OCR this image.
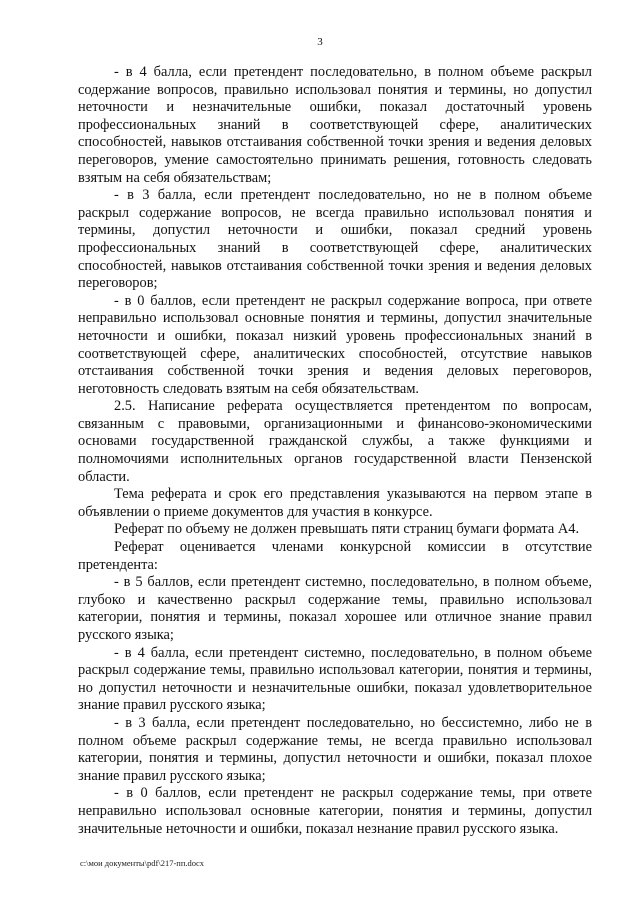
3

- в 4 балла, если претендент последовательно, в полном объеме раскрыл содержание вопросов, правильно использовал понятия и термины, но допустил неточности и незначительные ошибки, показал достаточный уровень профессиональных знаний в соответствующей сфере, аналитических способностей, навыков отстаивания собственной точки зрения и ведения деловых переговоров, умение самостоятельно принимать решения, готовность следовать взятым на себя обязательствам;

- в 3 балла, если претендент последовательно, но не в полном объеме раскрыл содержание вопросов, не всегда правильно использовал понятия и термины, допустил неточности и ошибки, показал средний уровень профессиональных знаний в соответствующей сфере, аналитических способностей, навыков отстаивания собственной точки зрения и ведения деловых переговоров;

- в 0 баллов, если претендент не раскрыл содержание вопроса, при ответе неправильно использовал основные понятия и термины, допустил значительные неточности и ошибки, показал низкий уровень профессиональных знаний в соответствующей сфере, аналитических способностей, отсутствие навыков отстаивания собственной точки зрения и ведения деловых переговоров, неготовность следовать взятым на себя обязательствам.

2.5. Написание реферата осуществляется претендентом по вопросам, связанным с правовыми, организационными и финансово-экономическими основами государственной гражданской службы, а также функциями и полномочиями исполнительных органов государственной власти Пензенской области.

Тема реферата и срок его представления указываются на первом этапе в объявлении о приеме документов для участия в конкурсе.

Реферат по объему не должен превышать пяти страниц бумаги формата А4.

Реферат оценивается членами конкурсной комиссии в отсутствие претендента:

- в 5 баллов, если претендент системно, последовательно, в полном объеме, глубоко и качественно раскрыл содержание темы, правильно использовал категории, понятия и термины, показал хорошее или отличное знание правил русского языка;

- в 4 балла, если претендент системно, последовательно, в полном объеме раскрыл содержание темы, правильно использовал категории, понятия и термины, но допустил неточности и незначительные ошибки, показал удовлетворительное знание правил русского языка;

- в 3 балла, если претендент последовательно, но бессистемно, либо не в полном объеме раскрыл содержание темы, не всегда правильно использовал категории, понятия и термины, допустил неточности и ошибки, показал плохое знание правил русского языка;

- в 0 баллов, если претендент не раскрыл содержание темы, при ответе неправильно использовал основные категории, понятия и термины, допустил значительные неточности и ошибки, показал незнание правил русского языка.

c:\мои документы\pdf\217-пп.docx
